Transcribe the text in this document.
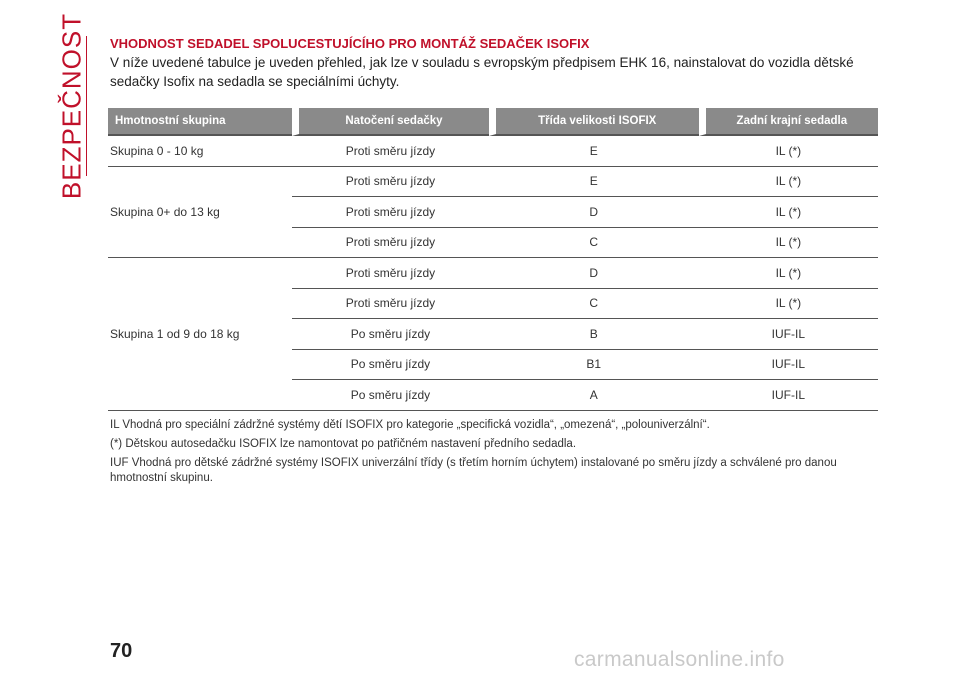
BEZPEČNOST VHODNOST SEDADEL SPOLUCESTUJÍCÍHO PRO MONTÁŽ SEDAČEK ISOFIX
V níže uvedené tabulce je uveden přehled, jak lze v souladu s evropským předpisem EHK 16, nainstalovat do vozidla dětské sedačky Isofix na sedadla se speciálními úchyty.
Hmotnostní skupina	Natočení sedačky	Třída velikosti ISOFIX	Zadní krajní sedadla
Skupina 0 - 10 kg	Proti směru jízdy	E	IL (*)
Skupina 0+ do 13 kg	Proti směru jízdy	E	IL (*)
	Proti směru jízdy	D	IL (*)
	Proti směru jízdy	C	IL (*)
Skupina 1 od 9 do 18 kg	Proti směru jízdy	D	IL (*)
	Proti směru jízdy	C	IL (*)
	Po směru jízdy	B	IUF-IL
	Po směru jízdy	B1	IUF-IL
	Po směru jízdy	A	IUF-IL

IL Vhodná pro speciální zádržné systémy dětí ISOFIX pro kategorie „specifická vozidla“, „omezená“, „polouniverzální“.

(*) Dětskou autosedačku ISOFIX lze namontovat po patřičném nastavení předního sedadla.

IUF Vhodná pro dětské zádržné systémy ISOFIX univerzální třídy (s třetím horním úchytem) instalované po směru jízdy a schválené pro danou hmotnostní skupinu.

70	carmanualsonline.info
